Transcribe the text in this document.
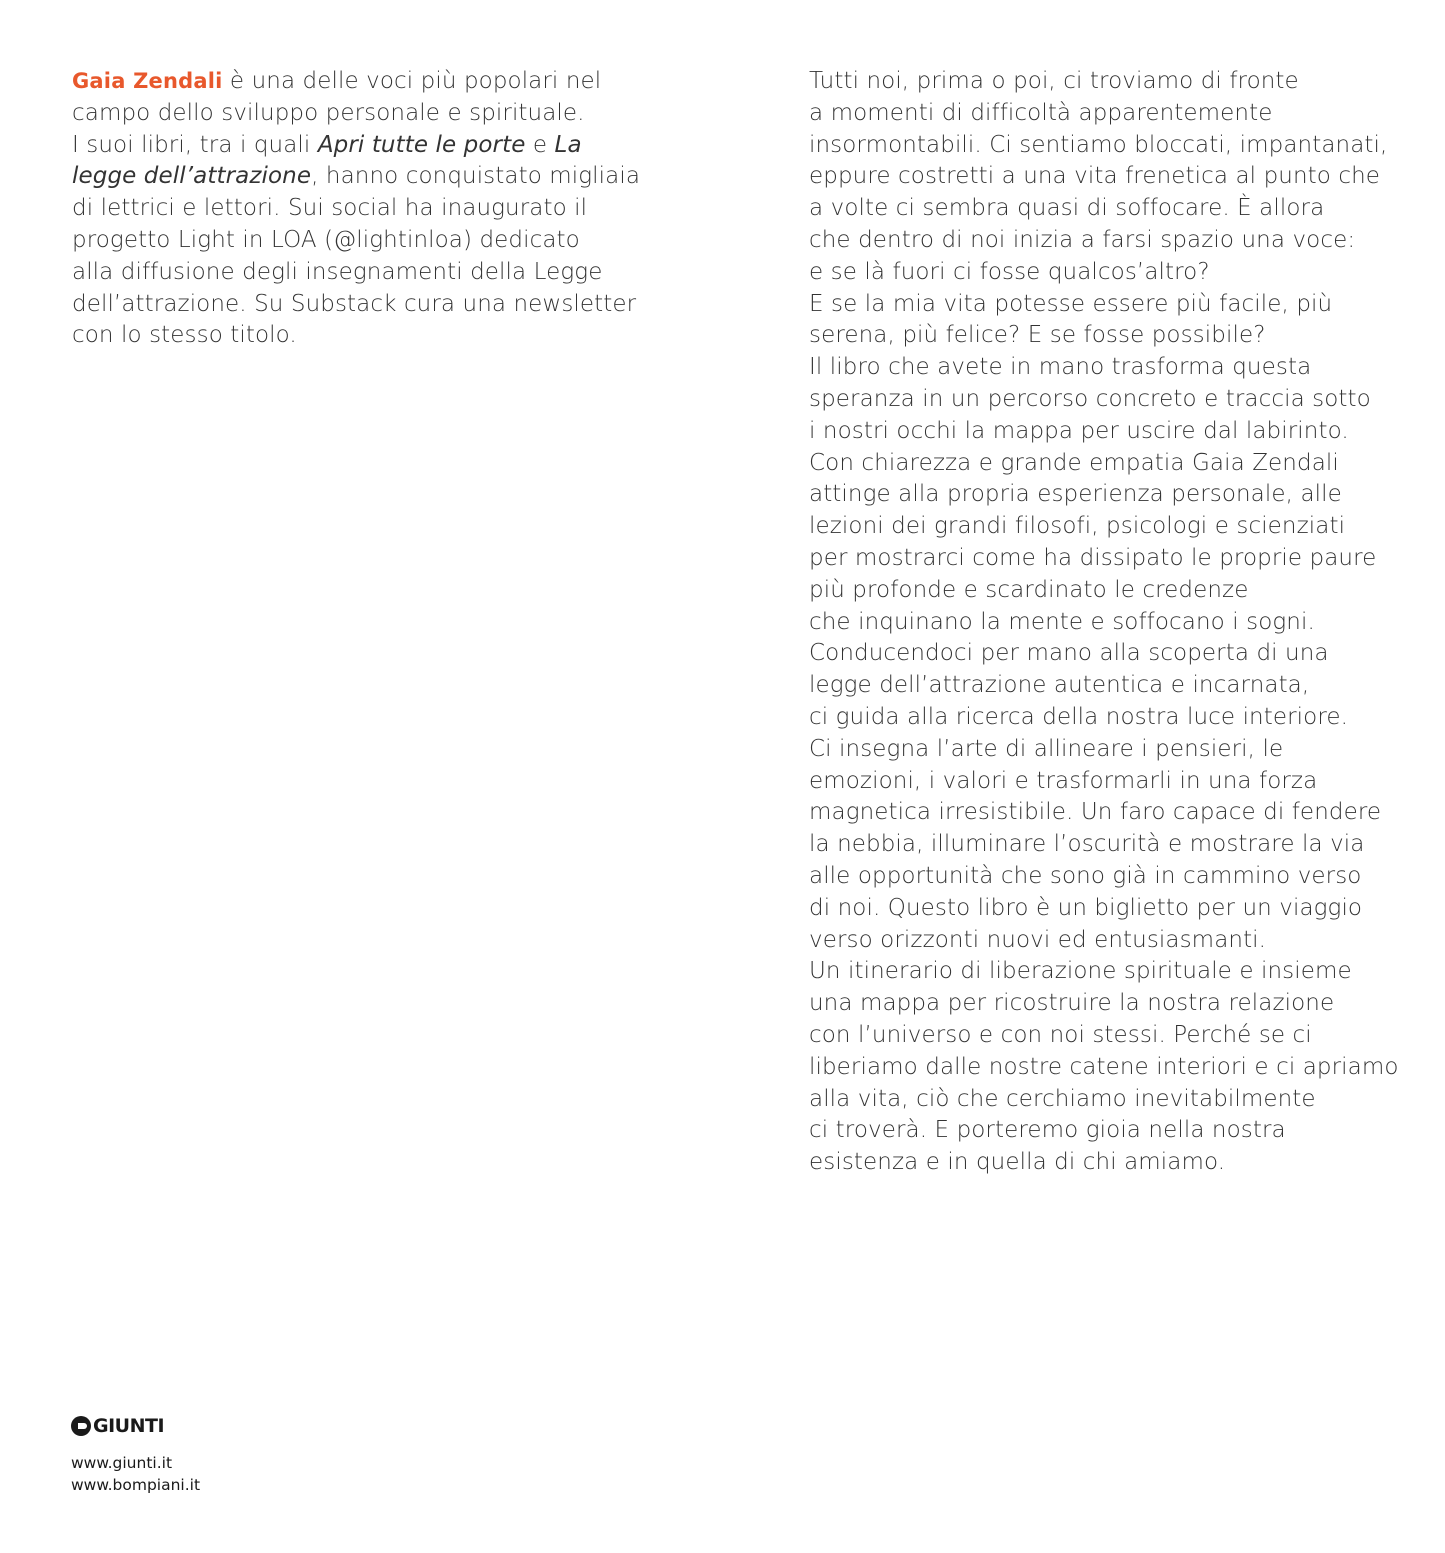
Gaia Zendali è una delle voci più popolari nel
campo dello sviluppo personale e spirituale.
I suoi libri, tra i quali Apri tutte le porte e La
legge dell’attrazione, hanno conquistato migliaia
di lettrici e lettori. Sui social ha inaugurato il
progetto Light in LOA (@lightinloa) dedicato
alla diffusione degli insegnamenti della Legge
dell’attrazione. Su Substack cura una newsletter
con lo stesso titolo.
Tutti noi, prima o poi, ci troviamo di fronte
a momenti di difficoltà apparentemente
insormontabili. Ci sentiamo bloccati, impantanati,
eppure costretti a una vita frenetica al punto che
a volte ci sembra quasi di soffocare. È allora
che dentro di noi inizia a farsi spazio una voce:
e se là fuori ci fosse qualcos’altro?
E se la mia vita potesse essere più facile, più
serena, più felice? E se fosse possibile?
Il libro che avete in mano trasforma questa
speranza in un percorso concreto e traccia sotto
i nostri occhi la mappa per uscire dal labirinto.
Con chiarezza e grande empatia Gaia Zendali
attinge alla propria esperienza personale, alle
lezioni dei grandi filosofi, psicologi e scienziati
per mostrarci come ha dissipato le proprie paure
più profonde e scardinato le credenze
che inquinano la mente e soffocano i sogni.
Conducendoci per mano alla scoperta di una
legge dell’attrazione autentica e incarnata,
ci guida alla ricerca della nostra luce interiore.
Ci insegna l’arte di allineare i pensieri, le
emozioni, i valori e trasformarli in una forza
magnetica irresistibile. Un faro capace di fendere
la nebbia, illuminare l’oscurità e mostrare la via
alle opportunità che sono già in cammino verso
di noi. Questo libro è un biglietto per un viaggio
verso orizzonti nuovi ed entusiasmanti.
Un itinerario di liberazione spirituale e insieme
una mappa per ricostruire la nostra relazione
con l’universo e con noi stessi. Perché se ci
liberiamo dalle nostre catene interiori e ci apriamo
alla vita, ciò che cerchiamo inevitabilmente
ci troverà. E porteremo gioia nella nostra
esistenza e in quella di chi amiamo.
GIUNTI
www.giunti.it
www.bompiani.it
